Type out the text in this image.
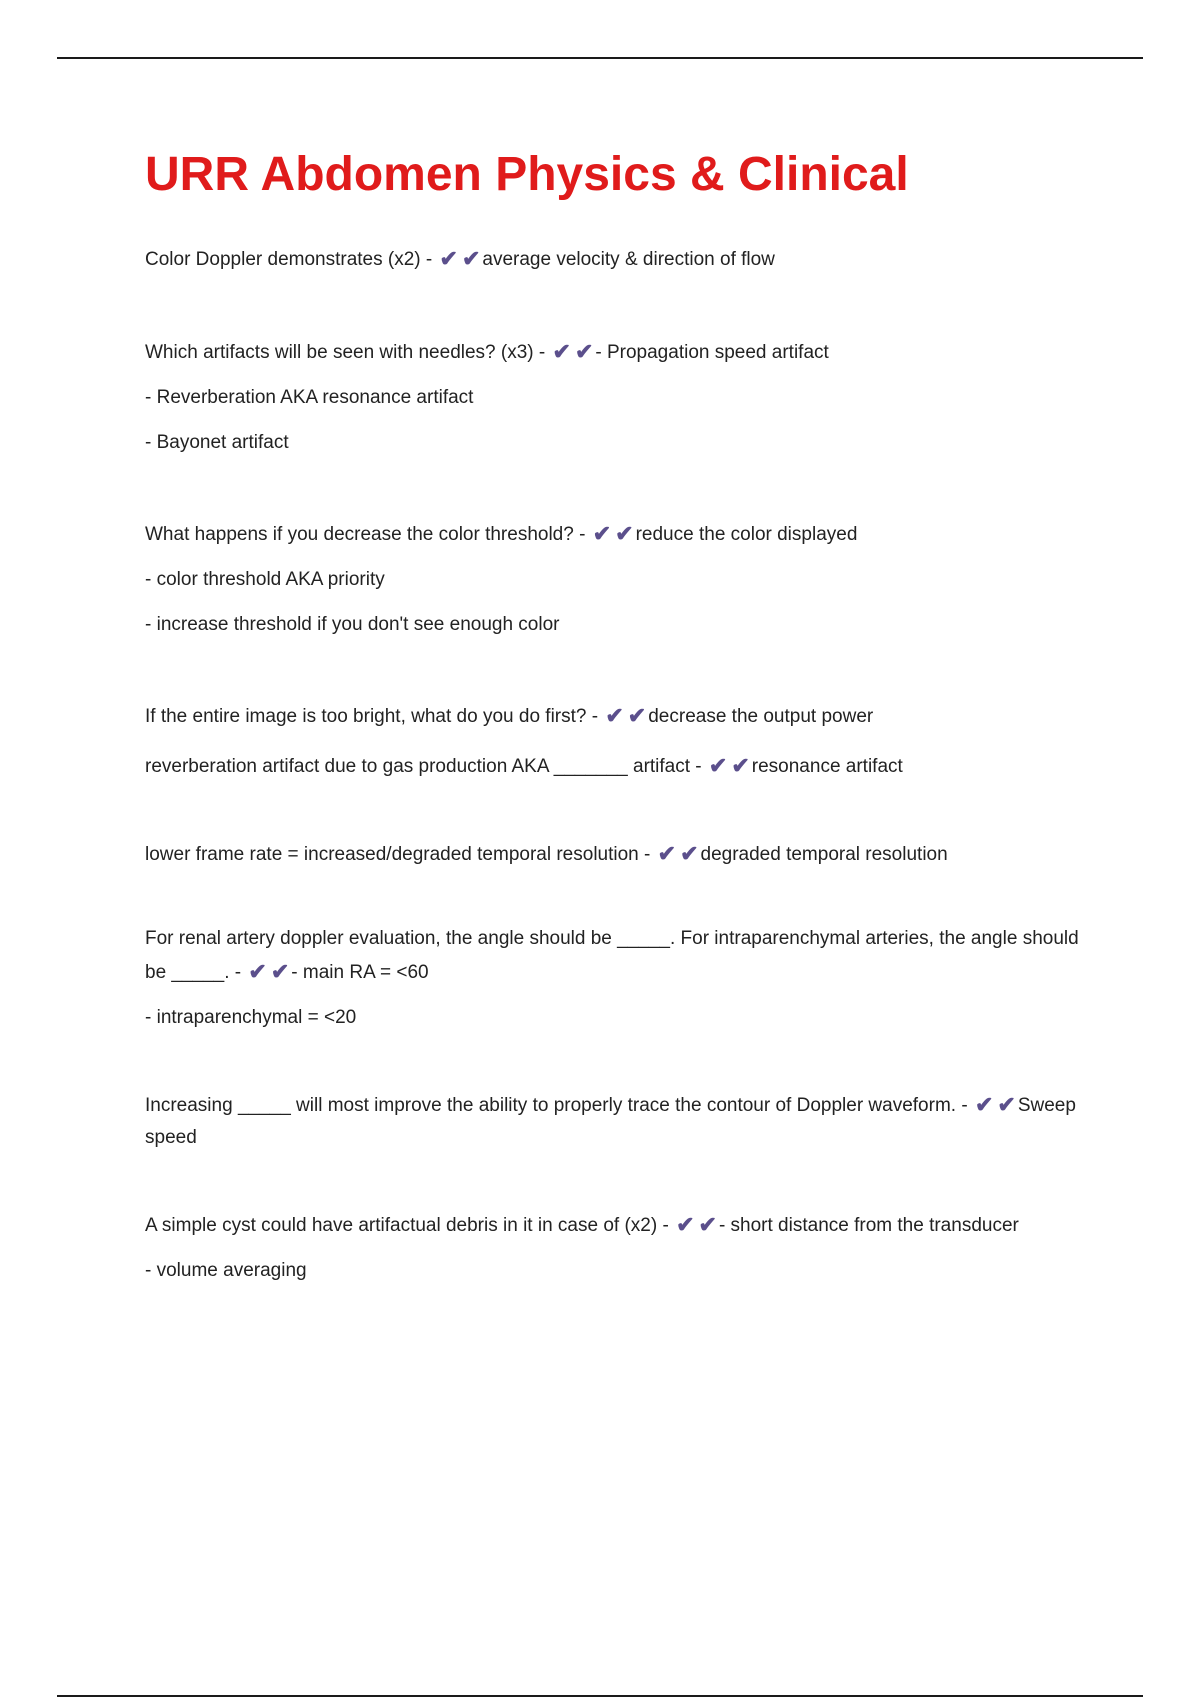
URR Abdomen Physics & Clinical

Color Doppler demonstrates (x2) - ✔ ✔ average velocity & direction of flow

Which artifacts will be seen with needles? (x3) - ✔ ✔ - Propagation speed artifact

- Reverberation AKA resonance artifact

- Bayonet artifact

What happens if you decrease the color threshold? - ✔ ✔ reduce the color displayed

- color threshold AKA priority

- increase threshold if you don't see enough color

If the entire image is too bright, what do you do first? - ✔ ✔ decrease the output power

reverberation artifact due to gas production AKA _______ artifact - ✔ ✔ resonance artifact

lower frame rate = increased/degraded temporal resolution - ✔ ✔ degraded temporal resolution

For renal artery doppler evaluation, the angle should be _____. For intraparenchymal arteries, the angle should be _____. - ✔ ✔ - main RA = <60

- intraparenchymal = <20

Increasing _____ will most improve the ability to properly trace the contour of Doppler waveform. - ✔ ✔ Sweep speed

A simple cyst could have artifactual debris in it in case of (x2) - ✔ ✔ - short distance from the transducer

- volume averaging
